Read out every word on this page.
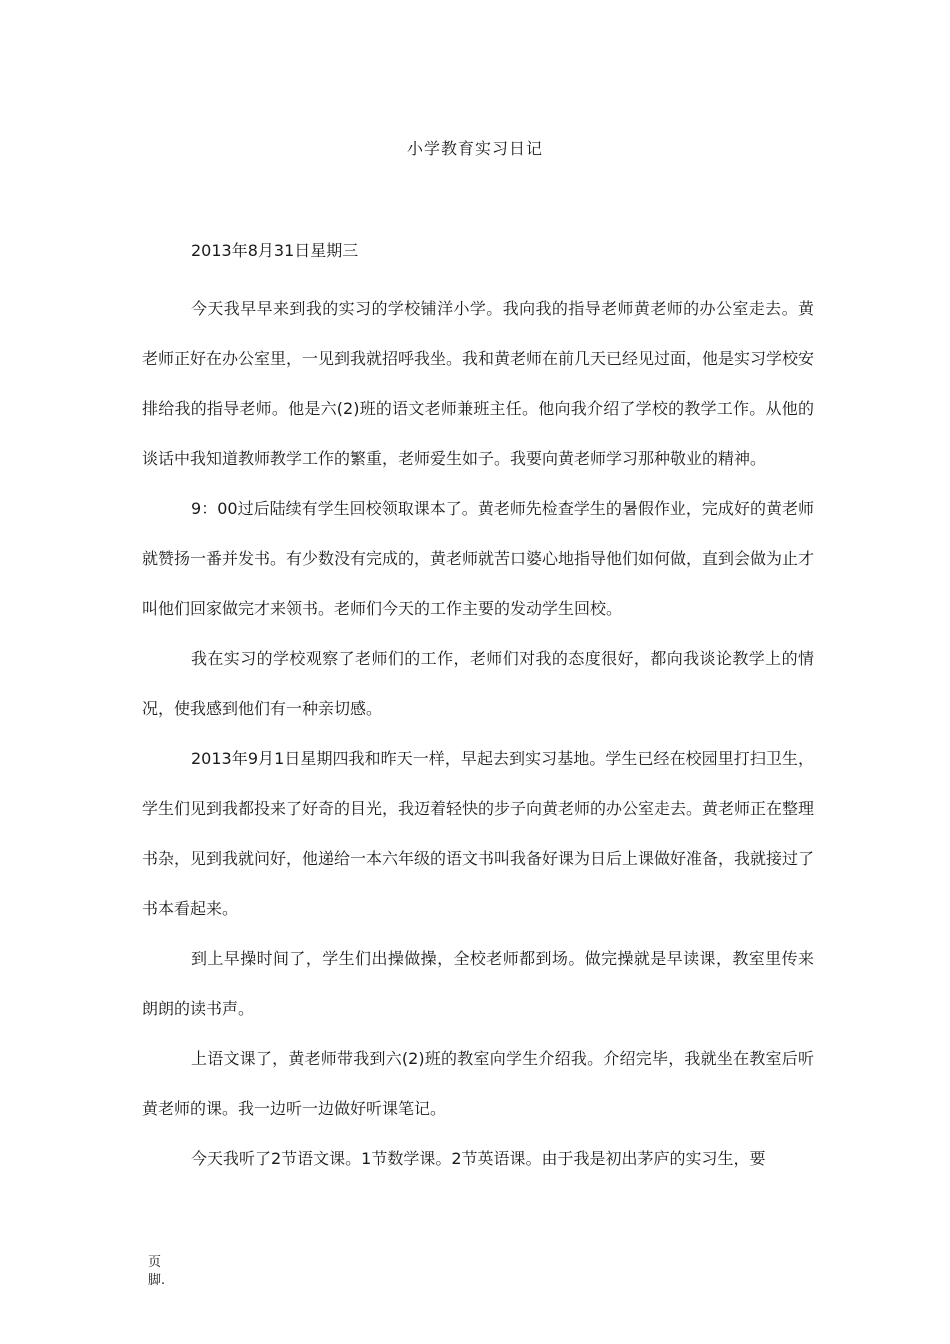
小学教育实习日记
2013年8月31日星期三

今天我早早来到我的实习的学校铺洋小学。我向我的指导老师黄老师的办公室走去。黄老师正好在办公室里，一见到我就招呼我坐。我和黄老师在前几天已经见过面，他是实习学校安排给我的指导老师。他是六(2)班的语文老师兼班主任。他向我介绍了学校的教学工作。从他的谈话中我知道教师教学工作的繁重，老师爱生如子。我要向黄老师学习那种敬业的精神。

9：00过后陆续有学生回校领取课本了。黄老师先检查学生的暑假作业，完成好的黄老师就赞扬一番并发书。有少数没有完成的，黄老师就苦口婆心地指导他们如何做，直到会做为止才叫他们回家做完才来领书。老师们今天的工作主要的发动学生回校。

我在实习的学校观察了老师们的工作，老师们对我的态度很好，都向我谈论教学上的情况，使我感到他们有一种亲切感。

2013年9月1日星期四我和昨天一样，早起去到实习基地。学生已经在校园里打扫卫生，学生们见到我都投来了好奇的目光，我迈着轻快的步子向黄老师的办公室走去。黄老师正在整理书杂，见到我就问好，他递给一本六年级的语文书叫我备好课为日后上课做好准备，我就接过了书本看起来。

到上早操时间了，学生们出操做操，全校老师都到场。做完操就是早读课，教室里传来朗朗的读书声。

上语文课了，黄老师带我到六(2)班的教室向学生介绍我。介绍完毕，我就坐在教室后听黄老师的课。我一边听一边做好听课笔记。

今天我听了2节语文课。1节数学课。2节英语课。由于我是初出茅庐的实习生，要

页脚.
